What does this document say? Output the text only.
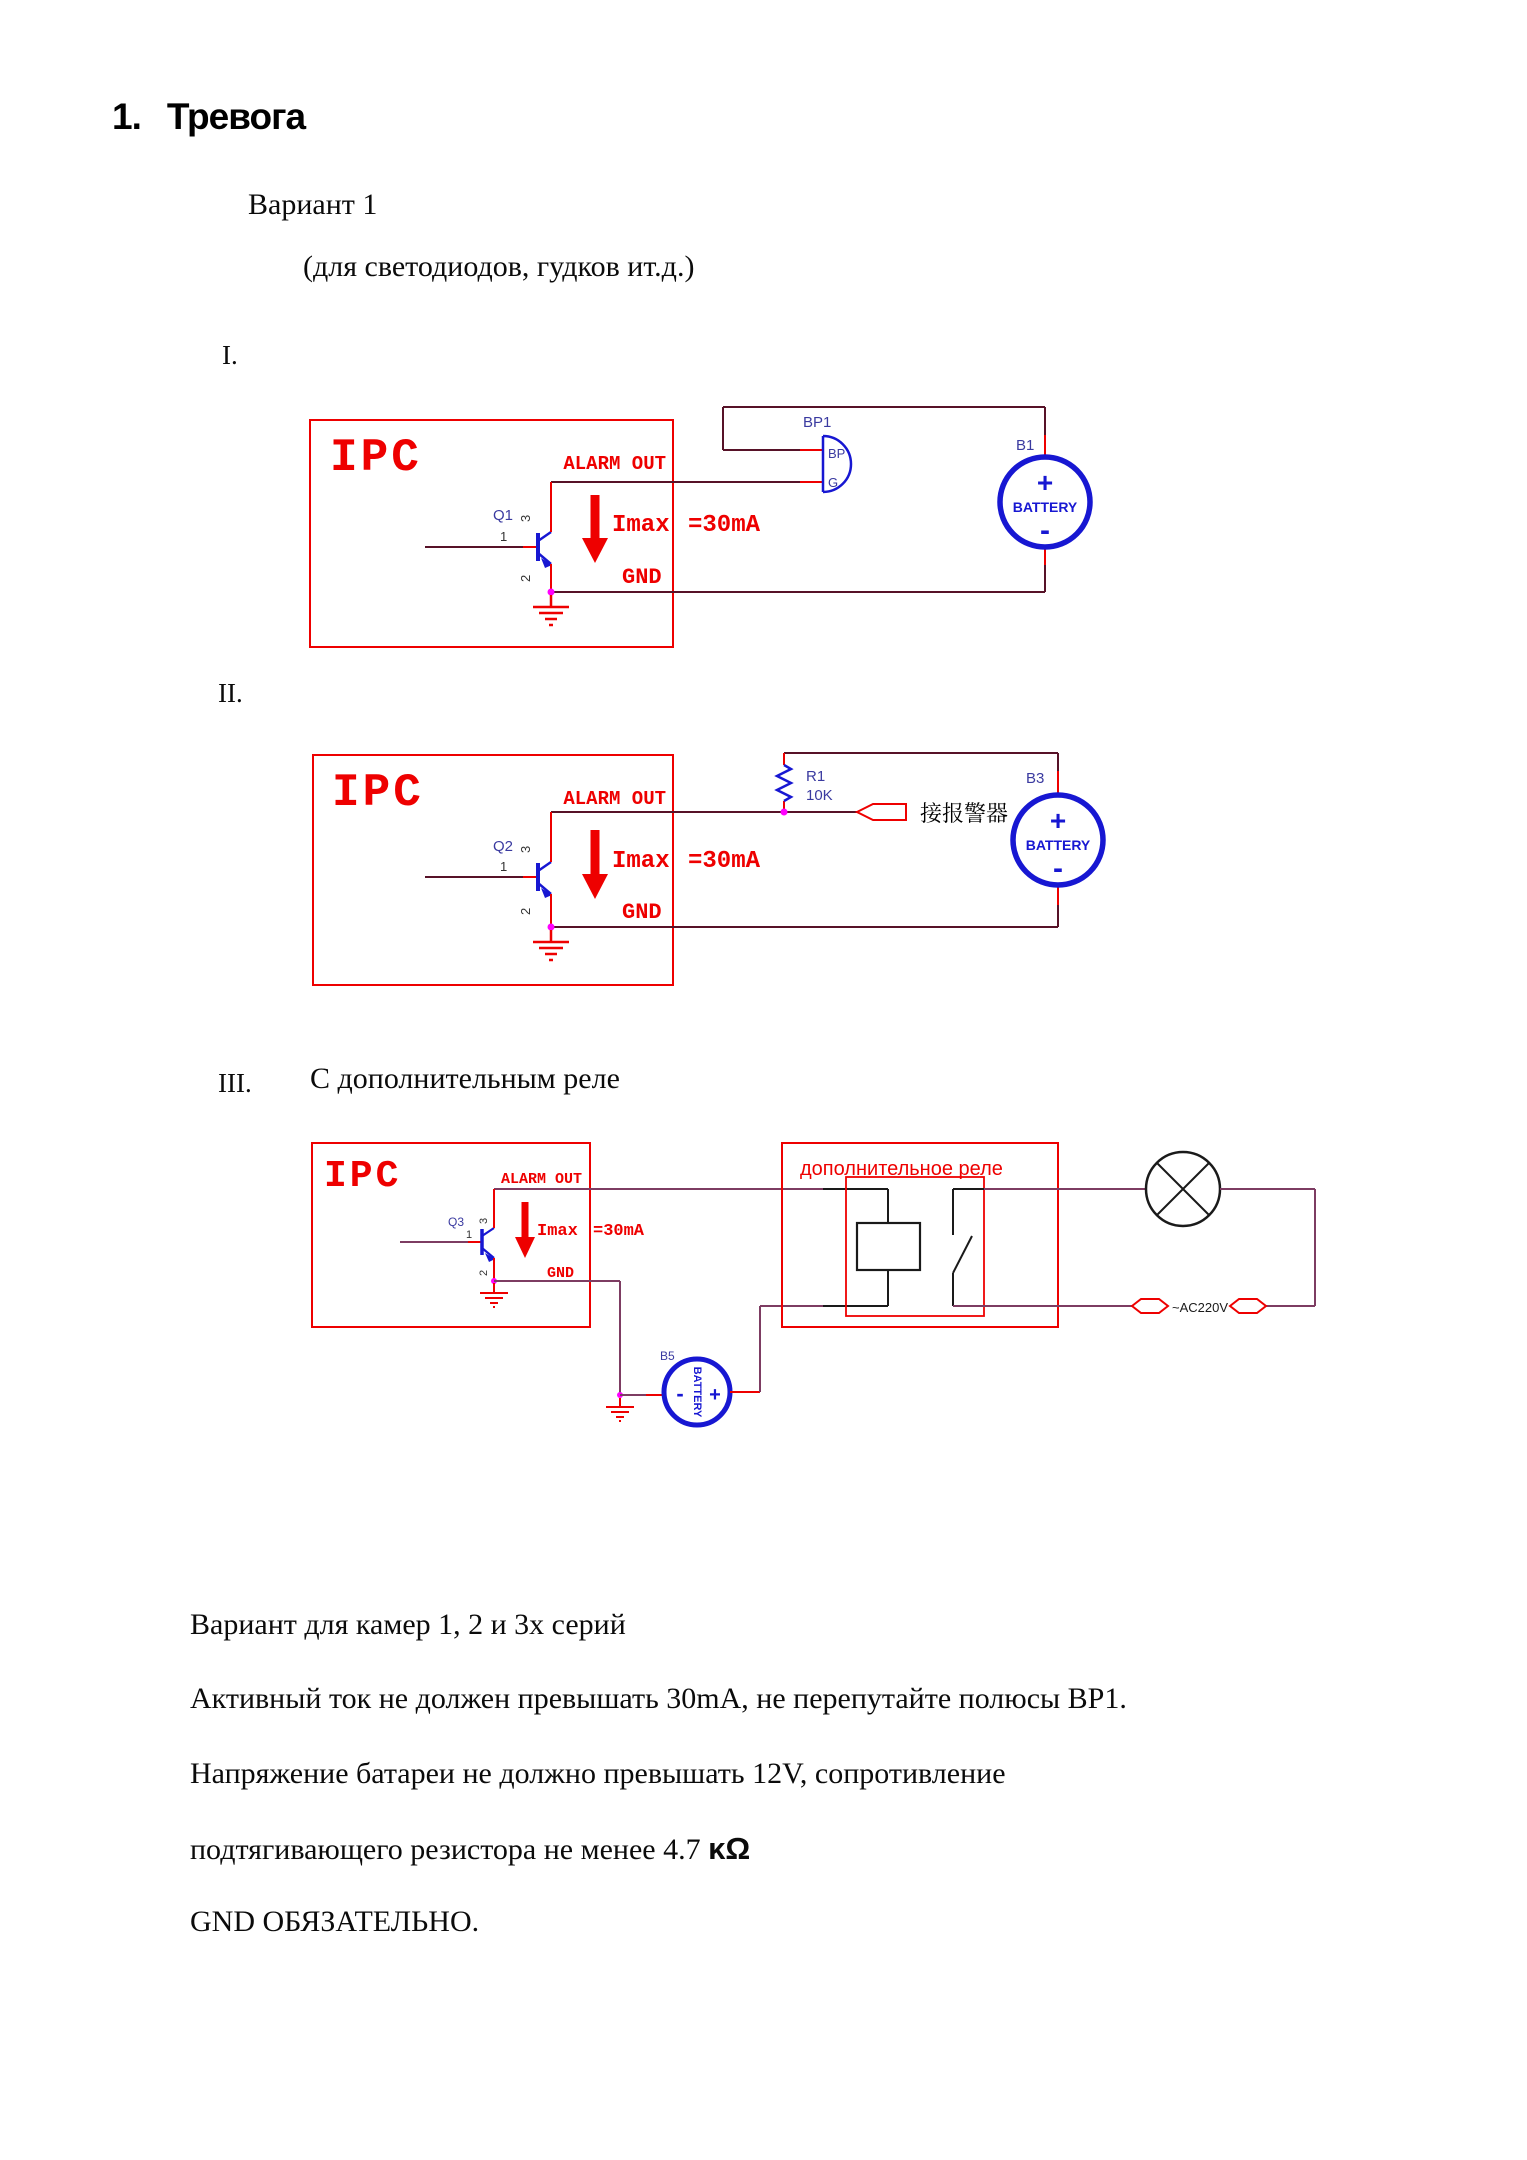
1. Тревога
Вариант 1
(для светодиодов, гудков ит.д.)
I.
IPC	ALARM OUT
Q1 3
1
2
Imax =30mA
GND
BP
G
BP1
+
BATTERY
-
B1
II.
IPC	ALARM OUT
R1
10K
接报警器
Q2 3
1
2
Imax =30mA
GND
+
BATTERY
-
B3
III. С дополнительным реле
IPC	ALARM OUT
Q3 3
1
2
Imax =30mA
GND
- +
BATTERY
B5
дополнительное реле
~AC220V
Вариант для камер 1, 2 и 3х серий
Активный ток не должен превышать 30mA, не перепутайте полюсы BP1.
Напряжение батареи не должно превышать 12V, сопротивление
подтягивающего резистора не менее 4.7 κΩ
GND ОБЯЗАТЕЛЬНО.
